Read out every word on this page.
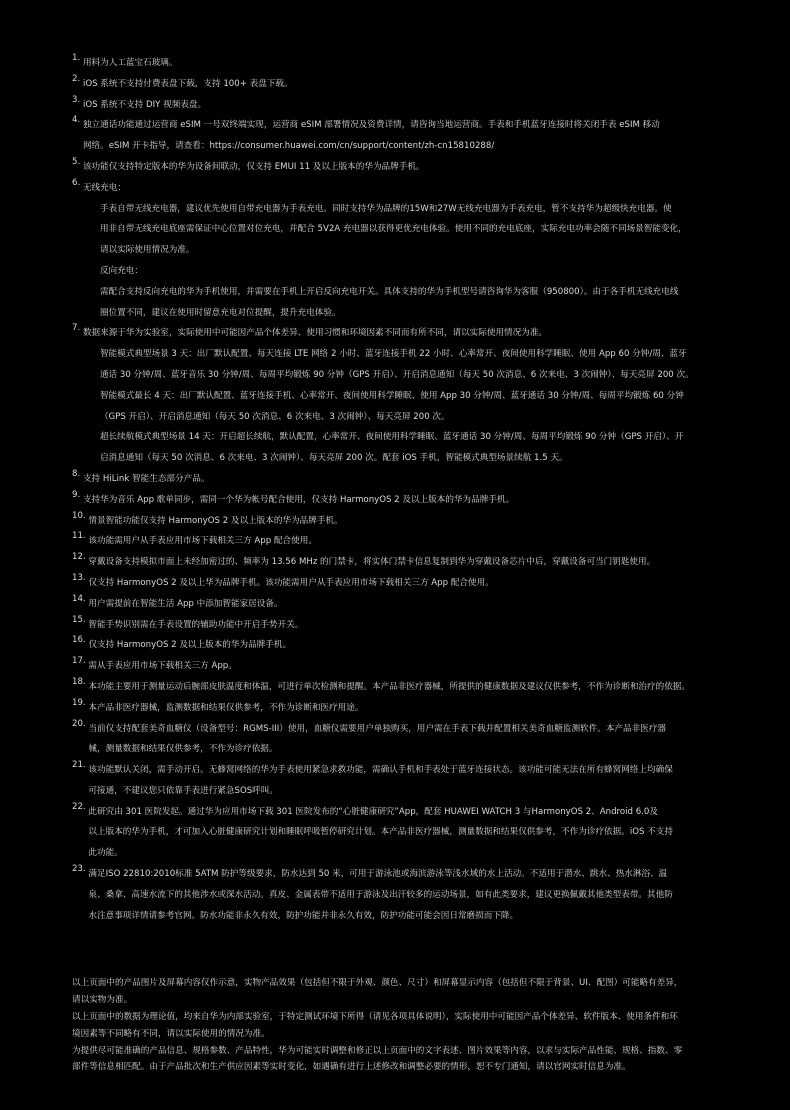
1. 用料为人工蓝宝石玻璃。
2. iOS 系统不支持付费表盘下载，支持 100+ 表盘下载。
3. iOS 系统不支持 DIY 视频表盘。
4. 独立通话功能通过运营商 eSIM 一号双终端实现，运营商 eSIM 部署情况及资费详情，请咨询当地运营商。手表和手机蓝牙连接时将关闭手表 eSIM 移动
网络。eSIM 开卡指导，请查看：https://consumer.huawei.com/cn/support/content/zh-cn15810288/
5. 该功能仅支持特定版本的华为设备间联动，仅支持 EMUI 11 及以上版本的华为品牌手机。
6. 无线充电：
手表自带无线充电器，建议优先使用自带充电器为手表充电。同时支持华为品牌的15W和27W无线充电器为手表充电，暂不支持华为超级快充电器。使
用非自带无线充电底座需保证中心位置对位充电，并配合 5V2A 充电器以获得更优充电体验。使用不同的充电底座，实际充电功率会随不同场景智能变化，
请以实际使用情况为准。
反向充电：
需配合支持反向充电的华为手机使用，并需要在手机上开启反向充电开关。具体支持的华为手机型号请咨询华为客服（950800）。由于各手机无线充电线
圈位置不同，建议在使用时留意充电对位提醒，提升充电体验。
7. 数据来源于华为实验室，实际使用中可能因产品个体差异、使用习惯和环境因素不同而有所不同，请以实际使用情况为准。
智能模式典型场景 3 天：出厂默认配置、每天连接 LTE 网络 2 小时、蓝牙连接手机 22 小时、心率常开、夜间使用科学睡眠、使用 App 60 分钟/周、蓝牙
通话 30 分钟/周、蓝牙音乐 30 分钟/周、每周平均锻炼 90 分钟（GPS 开启）、开启消息通知（每天 50 次消息、6 次来电、3 次闹钟）、每天亮屏 200 次。
智能模式最长 4 天：出厂默认配置、蓝牙连接手机、心率常开、夜间使用科学睡眠、使用 App 30 分钟/周、蓝牙通话 30 分钟/周、每周平均锻炼 60 分钟
（GPS 开启）、开启消息通知（每天 50 次消息、6 次来电、3 次闹钟）、每天亮屏 200 次。
超长续航模式典型场景 14 天：开启超长续航，默认配置，心率常开、夜间使用科学睡眠、蓝牙通话 30 分钟/周、每周平均锻炼 90 分钟（GPS 开启）、开
启消息通知（每天 50 次消息、6 次来电、3 次闹钟）、每天亮屏 200 次。配套 iOS 手机，智能模式典型场景续航 1.5 天。
8. 支持 HiLink 智能生态部分产品。
9. 支持华为音乐 App 歌单同步，需同一个华为帐号配合使用，仅支持 HarmonyOS 2 及以上版本的华为品牌手机。
10. 情景智能功能仅支持 HarmonyOS 2 及以上版本的华为品牌手机。
11. 该功能需用户从手表应用市场下载相关三方 App 配合使用。
12. 穿戴设备支持模拟市面上未经加密过的、频率为 13.56 MHz 的门禁卡，将实体门禁卡信息复制到华为穿戴设备芯片中后，穿戴设备可当门钥匙使用。
13. 仅支持 HarmonyOS 2 及以上华为品牌手机。该功能需用户从手表应用市场下载相关三方 App 配合使用。
14. 用户需提前在智能生活 App 中添加智能家居设备。
15. 智能手势识别需在手表设置的辅助功能中开启手势开关。
16. 仅支持 HarmonyOS 2 及以上版本的华为品牌手机。
17. 需从手表应用市场下载相关三方 App。
18. 本功能主要用于测量运动后腕部皮肤温度和体温，可进行单次检测和提醒。本产品非医疗器械，所提供的健康数据及建议仅供参考，不作为诊断和治疗的依据。
19. 本产品非医疗器械，监测数据和结果仅供参考，不作为诊断和医疗用途。
20. 当前仅支持配套美奇血糖仪（设备型号：RGMS-III）使用，血糖仪需要用户单独购买，用户需在手表下载并配置相关美奇血糖监测软件。本产品非医疗器
械，测量数据和结果仅供参考，不作为诊疗依据。
21. 该功能默认关闭，需手动开启。无蜂窝网络的华为手表使用紧急求救功能，需确认手机和手表处于蓝牙连接状态。该功能可能无法在所有蜂窝网络上均确保
可接通，不建议您只依靠手表进行紧急SOS呼叫。
22. 此研究由 301 医院发起。通过华为应用市场下载 301 医院发布的“心脏健康研究”App，配套 HUAWEI WATCH 3 与HarmonyOS 2、Android 6.0及
以上版本的华为手机，才可加入心脏健康研究计划和睡眠呼吸暂停研究计划。本产品非医疗器械，测量数据和结果仅供参考，不作为诊疗依据。iOS 不支持
此功能。
23. 满足ISO 22810:2010标准 5ATM 防护等级要求，防水达到 50 米，可用于游泳池或海滨游泳等浅水域的水上活动。不适用于潜水、跳水、热水淋浴、温
泉、桑拿、高速水流下的其他涉水或深水活动。真皮、金属表带不适用于游泳及出汗较多的运动场景，如有此类要求，建议更换佩戴其他类型表带。其他防
水注意事项详情请参考官网。防水功能非永久有效，防护功能并非永久有效，防护功能可能会因日常磨损而下降。
以上页面中的产品图片及屏幕内容仅作示意，实物产品效果（包括但不限于外观、颜色、尺寸）和屏幕显示内容（包括但不限于背景、UI、配图）可能略有差异，
请以实物为准。
以上页面中的数据为理论值，均来自华为内部实验室，于特定测试环境下所得（请见各项具体说明），实际使用中可能因产品个体差异、软件版本、使用条件和环
境因素等不同略有不同，请以实际使用的情况为准。
为提供尽可能准确的产品信息、规格参数、产品特性，华为可能实时调整和修正以上页面中的文字表述、图片效果等内容，以求与实际产品性能、规格、指数、零
部件等信息相匹配。由于产品批次和生产供应因素等实时变化，如遇确有进行上述修改和调整必要的情形，恕不专门通知，请以官网实时信息为准。
